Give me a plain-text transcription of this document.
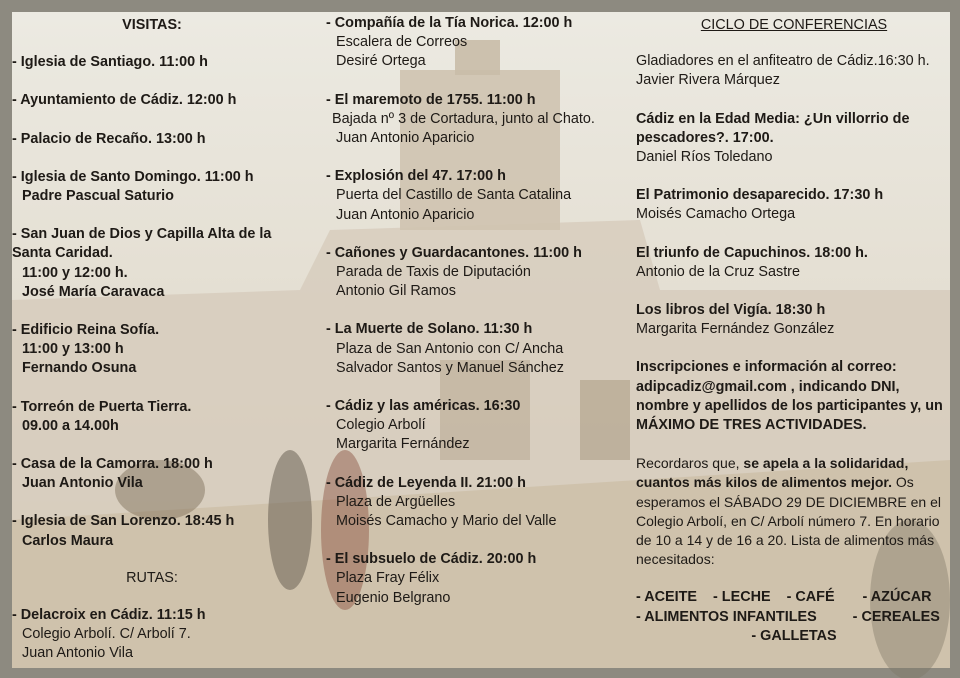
VISITAS:
- Iglesia de Santiago. 11:00 h
- Ayuntamiento de Cádiz. 12:00 h
- Palacio de Recaño. 13:00 h
- Iglesia de Santo Domingo. 11:00 h
Padre Pascual Saturio
- San Juan de Dios y Capilla Alta de la Santa Caridad.
11:00 y 12:00 h.
José María Caravaca
- Edificio Reina Sofía.
11:00 y 13:00 h
Fernando Osuna
- Torreón de Puerta Tierra.
09.00 a 14.00h
- Casa de la Camorra. 18:00 h
Juan Antonio Vila
- Iglesia de San Lorenzo. 18:45 h
Carlos Maura
RUTAS:
- Delacroix en Cádiz. 11:15 h
Colegio Arbolí. C/ Arbolí 7.
Juan Antonio Vila
- Compañía de la Tía Norica. 12:00 h
Escalera de Correos
Desiré Ortega
- El maremoto de 1755. 11:00 h
Bajada nº 3 de Cortadura, junto al Chato.
Juan Antonio Aparicio
- Explosión del 47. 17:00 h
Puerta del Castillo de Santa Catalina
Juan Antonio Aparicio
- Cañones y Guardacantones. 11:00 h
Parada de Taxis de Diputación
Antonio Gil Ramos
- La Muerte de Solano. 11:30 h
Plaza de San Antonio con C/ Ancha
Salvador Santos y Manuel Sánchez
- Cádiz y las américas. 16:30
Colegio Arbolí
Margarita Fernández
- Cádiz de Leyenda II. 21:00 h
Plaza de Argüelles
Moisés Camacho y Mario del Valle
- El subsuelo de Cádiz. 20:00 h
Plaza Fray Félix
Eugenio Belgrano
CICLO DE CONFERENCIAS
Gladiadores en el anfiteatro de Cádiz.16:30 h.
Javier Rivera Márquez
Cádiz en la Edad Media: ¿Un villorrio de pescadores?. 17:00.
Daniel Ríos Toledano
El Patrimonio desaparecido. 17:30 h
Moisés Camacho Ortega
El triunfo de Capuchinos. 18:00 h.
Antonio de la Cruz Sastre
Los libros del Vigía. 18:30 h
Margarita Fernández González
Inscripciones e información al correo: adipcadiz@gmail.com , indicando DNI, nombre y apellidos de los participantes y, un MÁXIMO DE TRES ACTIVIDADES.
Recordaros que, se apela a la solidaridad, cuantos más kilos de alimentos mejor. Os esperamos el SÁBADO 29 DE DICIEMBRE en el Colegio Arbolí, en C/ Arbolí número 7. En horario de 10 a 14 y de 16 a 20. Lista de alimentos más necesitados:
- ACEITE    - LECHE    - CAFÉ       - AZÚCAR
- ALIMENTOS INFANTILES         - CEREALES
- GALLETAS
